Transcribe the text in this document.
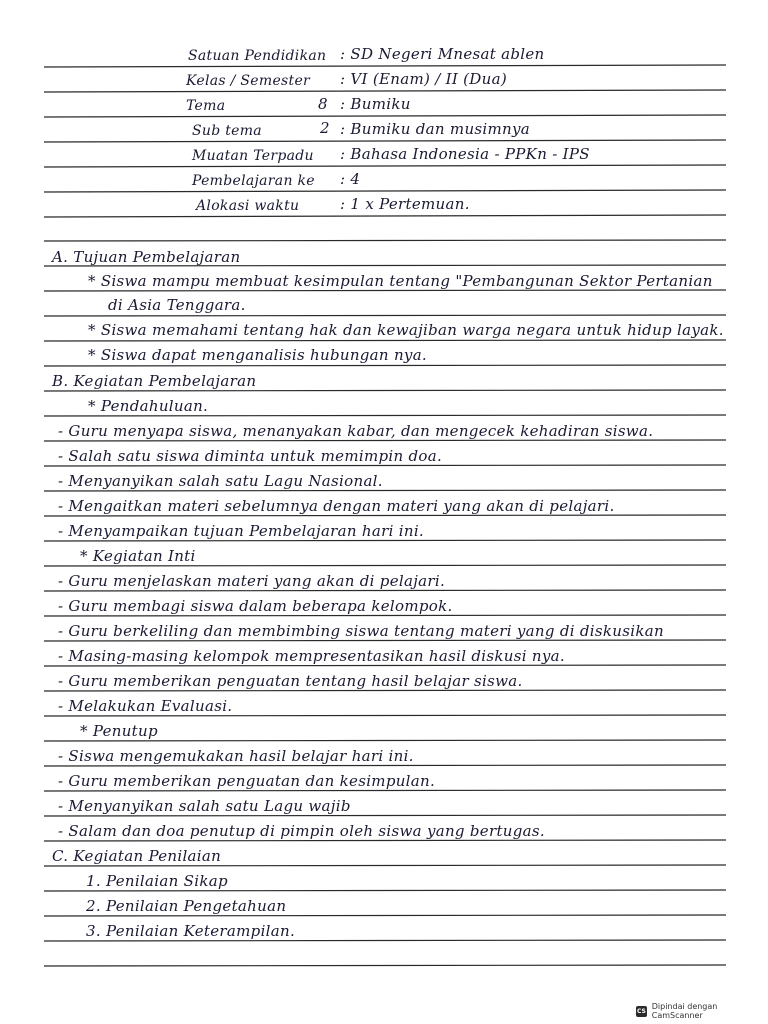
Satuan Pendidikan : SD Negeri Mnesat ablen
Kelas / Semester : VI (Enam) / II (Dua)
Tema	8 : Bumiku
Sub tema	2 : Bumiku dan musimnya
Muatan Terpadu : Bahasa Indonesia - PPKn - IPS
Pembelajaran ke : 4
Alokasi waktu	: 1 x Pertemuan.
A. Tujuan Pembelajaran
* Siswa mampu membuat kesimpulan tentang "Pembangunan Sektor Pertanian
di Asia Tenggara.
* Siswa memahami tentang hak dan kewajiban warga negara untuk hidup layak.
* Siswa dapat menganalisis hubungan nya.
B. Kegiatan Pembelajaran
* Pendahuluan.
- Guru menyapa siswa, menanyakan kabar, dan mengecek kehadiran siswa.
- Salah satu siswa diminta untuk memimpin doa.
- Menyanyikan salah satu Lagu Nasional.
- Mengaitkan materi sebelumnya dengan materi yang akan di pelajari.
- Menyampaikan tujuan Pembelajaran hari ini.
* Kegiatan Inti
- Guru menjelaskan materi yang akan di pelajari.
- Guru membagi siswa dalam beberapa kelompok.
- Guru berkeliling dan membimbing siswa tentang materi yang di diskusikan
- Masing-masing kelompok mempresentasikan hasil diskusi nya.
- Guru memberikan penguatan tentang hasil belajar siswa.
- Melakukan Evaluasi.
* Penutup
- Siswa mengemukakan hasil belajar hari ini.
- Guru memberikan penguatan dan kesimpulan.
- Menyanyikan salah satu Lagu wajib
- Salam dan doa penutup di pimpin oleh siswa yang bertugas.
C. Kegiatan Penilaian
1. Penilaian Sikap
2. Penilaian Pengetahuan
3. Penilaian Keterampilan.
CS Dipindai dengan CamScanner
